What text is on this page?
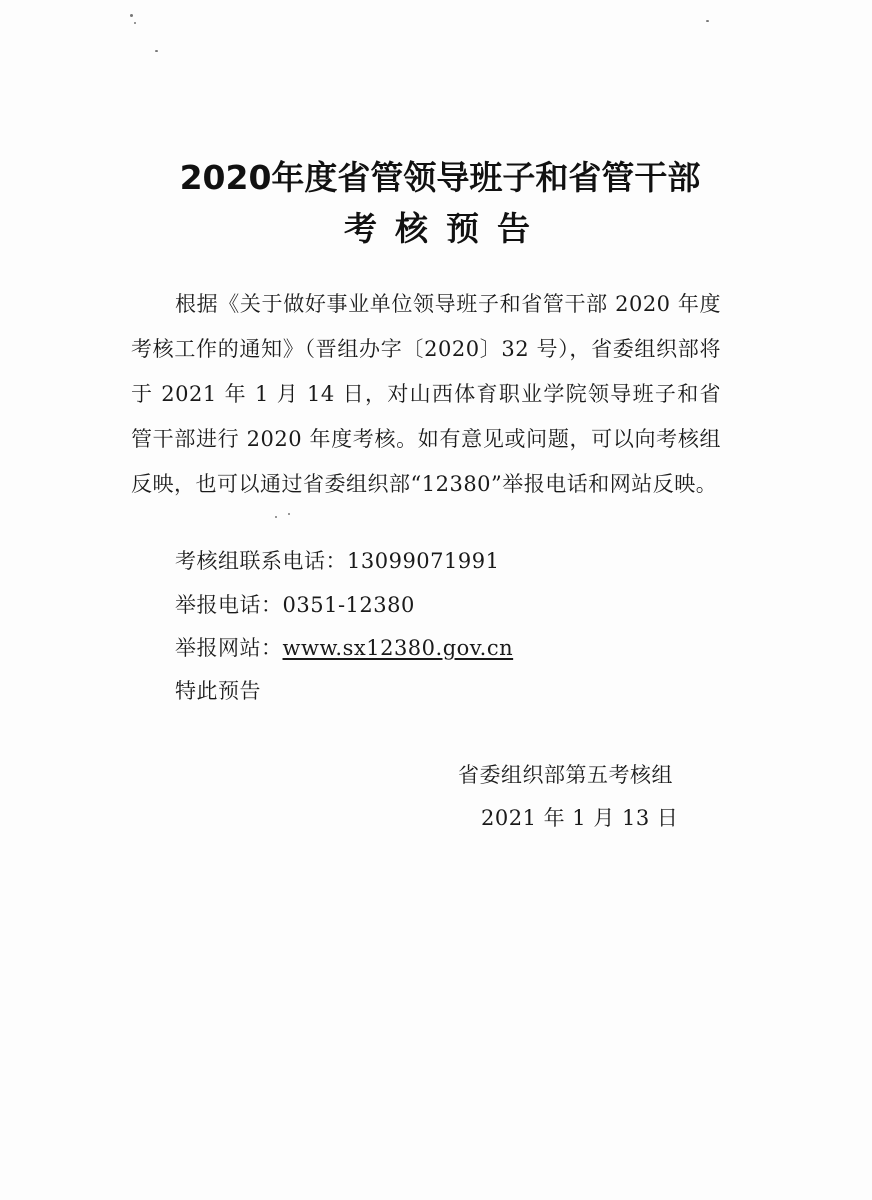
2020年度省管领导班子和省管干部
考核预告
根据《关于做好事业单位领导班子和省管干部 2020 年度考核工作的通知》（晋组办字〔2020〕32 号），省委组织部将于 2021 年 1 月 14 日，对山西体育职业学院领导班子和省管干部进行 2020 年度考核。如有意见或问题，可以向考核组反映，也可以通过省委组织部“12380”举报电话和网站反映。
考核组联系电话：13099071991
举报电话：0351-12380
举报网站：www.sx12380.gov.cn
特此预告
省委组织部第五考核组
2021 年 1 月 13 日
